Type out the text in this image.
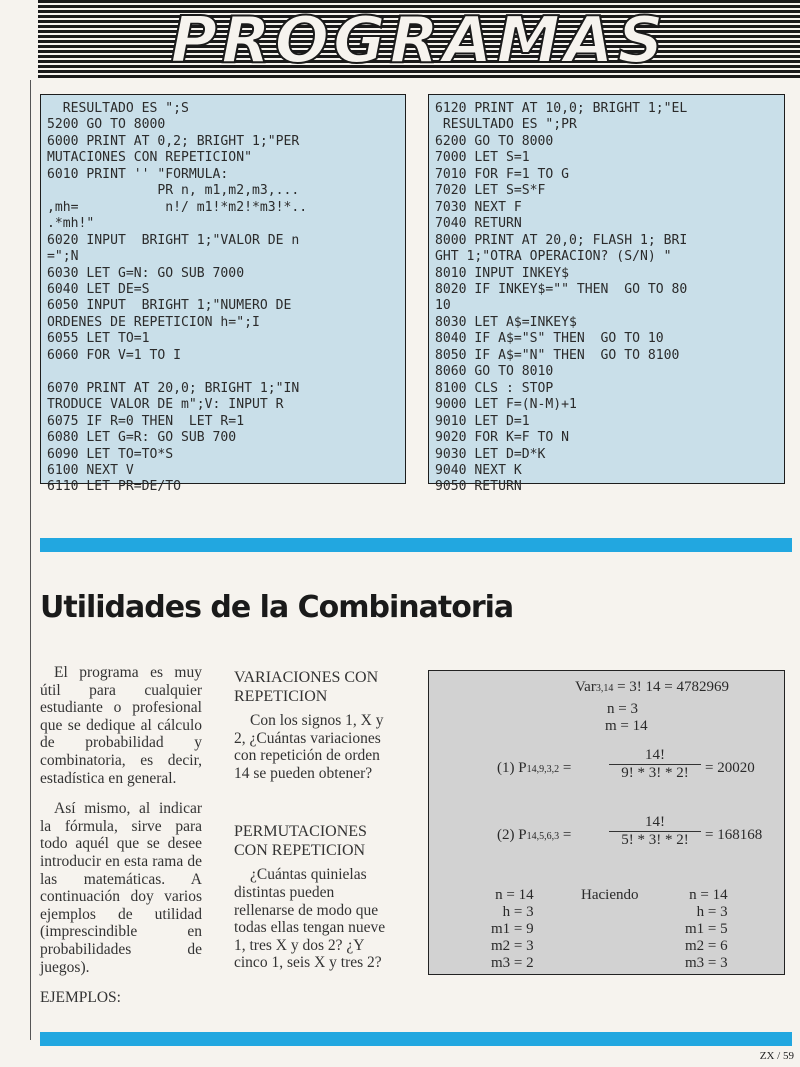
PROGRAMAS
RESULTADO ES ";S
5200 GO TO 8000
6000 PRINT AT 0,2; BRIGHT 1;"PER
MUTACIONES CON REPETICION"
6010 PRINT '' "FORMULA:
PR n, m1,m2,m3,...
,mh=           n!/ m1!*m2!*m3!*..
.*mh!"
6020 INPUT  BRIGHT 1;"VALOR DE n
=";N
6030 LET G=N: GO SUB 7000
6040 LET DE=S
6050 INPUT  BRIGHT 1;"NUMERO DE
ORDENES DE REPETICION h=";I
6055 LET TO=1
6060 FOR V=1 TO I

6070 PRINT AT 20,0; BRIGHT 1;"IN
TRODUCE VALOR DE m";V: INPUT R
6075 IF R=0 THEN  LET R=1
6080 LET G=R: GO SUB 700
6090 LET TO=TO*S
6100 NEXT V
6110 LET PR=DE/TO
6120 PRINT AT 10,0; BRIGHT 1;"EL
RESULTADO ES ";PR
6200 GO TO 8000
7000 LET S=1
7010 FOR F=1 TO G
7020 LET S=S*F
7030 NEXT F
7040 RETURN
8000 PRINT AT 20,0; FLASH 1; BRI
GHT 1;"OTRA OPERACION? (S/N) "
8010 INPUT INKEY$
8020 IF INKEY$="" THEN  GO TO 80
10
8030 LET A$=INKEY$
8040 IF A$="S" THEN  GO TO 10
8050 IF A$="N" THEN  GO TO 8100
8060 GO TO 8010
8100 CLS : STOP
9000 LET F=(N-M)+1
9010 LET D=1
9020 FOR K=F TO N
9030 LET D=D*K
9040 NEXT K
9050 RETURN
Utilidades de la Combinatoria

El programa es muy útil para cualquier estudiante o profesional que se dedique al cálculo de probabilidad y combinatoria, es decir, estadística en general.

Así mismo, al indicar la fórmula, sirve para todo aquél que se desee introducir en esta rama de las matemáticas. A continuación doy varios ejemplos de utilidad (imprescindible en probabilidades de juegos).

EJEMPLOS:

VARIACIONES CON REPETICION

Con los signos 1, X y 2, ¿Cuántas variaciones con repetición de orden 14 se pueden obtener?

PERMUTACIONES CON REPETICION

¿Cuántas quinielas distintas pueden rellenarse de modo que todas ellas tengan nueve 1, tres X y dos 2? ¿Y cinco 1, seis X y tres 2?

Var3,14 = 3! 14 = 4782969
n = 3
m = 14
(1) P14,9,3,2 =	$\frac{14!}{9! * 3! * 2!} = 20020$
(2) P14,5,6,3 =	$\frac{14!}{5! * 3! * 2!} = 168168$
Haciendo
n = 14
h = 3
m1 = 9
m2 = 3
m3 = 2
n = 14
h = 3
m1 = 5
m2 = 6
m3 = 3
ZX / 59
